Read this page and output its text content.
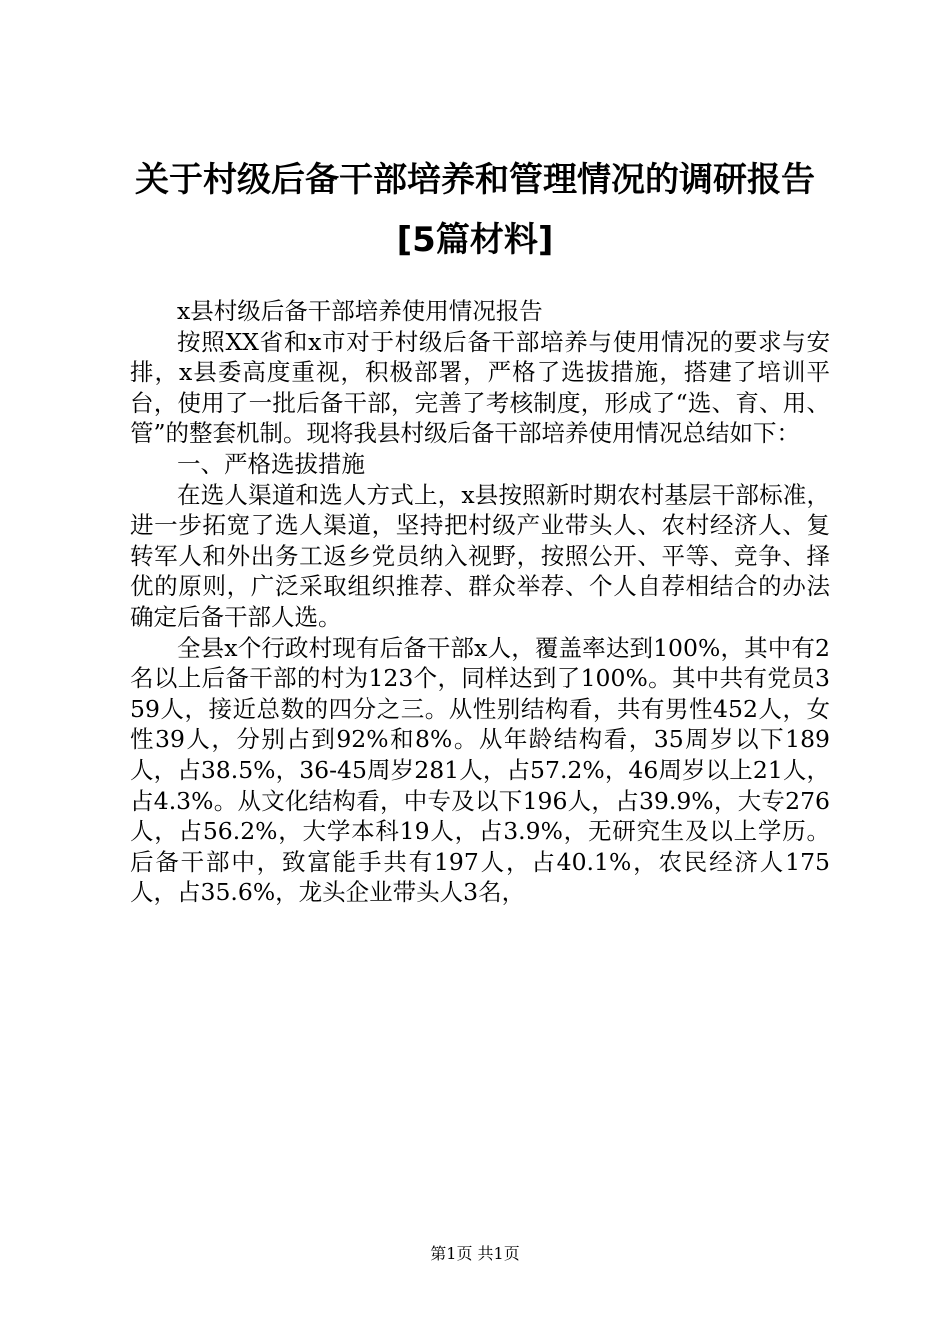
关于村级后备干部培养和管理情况的调研报告
[5篇材料]

x县村级后备干部培养使用情况报告

按照XX省和x市对于村级后备干部培养与使用情况的要求与安排，x县委高度重视，积极部署，严格了选拔措施，搭建了培训平台，使用了一批后备干部，完善了考核制度，形成了“选、育、用、管”的整套机制。现将我县村级后备干部培养使用情况总结如下：

一、严格选拔措施

在选人渠道和选人方式上，x县按照新时期农村基层干部标准，进一步拓宽了选人渠道，坚持把村级产业带头人、农村经济人、复转军人和外出务工返乡党员纳入视野，按照公开、平等、竞争、择优的原则，广泛采取组织推荐、群众举荐、个人自荐相结合的办法确定后备干部人选。

全县x个行政村现有后备干部x人，覆盖率达到100%，其中有2名以上后备干部的村为123个，同样达到了100%。其中共有党员359人，接近总数的四分之三。从性别结构看，共有男性452人，女性39人，分别占到92%和8%。从年龄结构看，35周岁以下189人，占38.5%，36-45周岁281人，占57.2%，46周岁以上21人，占4.3%。从文化结构看，中专及以下196人，占39.9%，大专276人，占56.2%，大学本科19人，占3.9%，无研究生及以上学历。后备干部中，致富能手共有197人，占40.1%，农民经济人175人，占35.6%，龙头企业带头人3名，

第1页 共1页
